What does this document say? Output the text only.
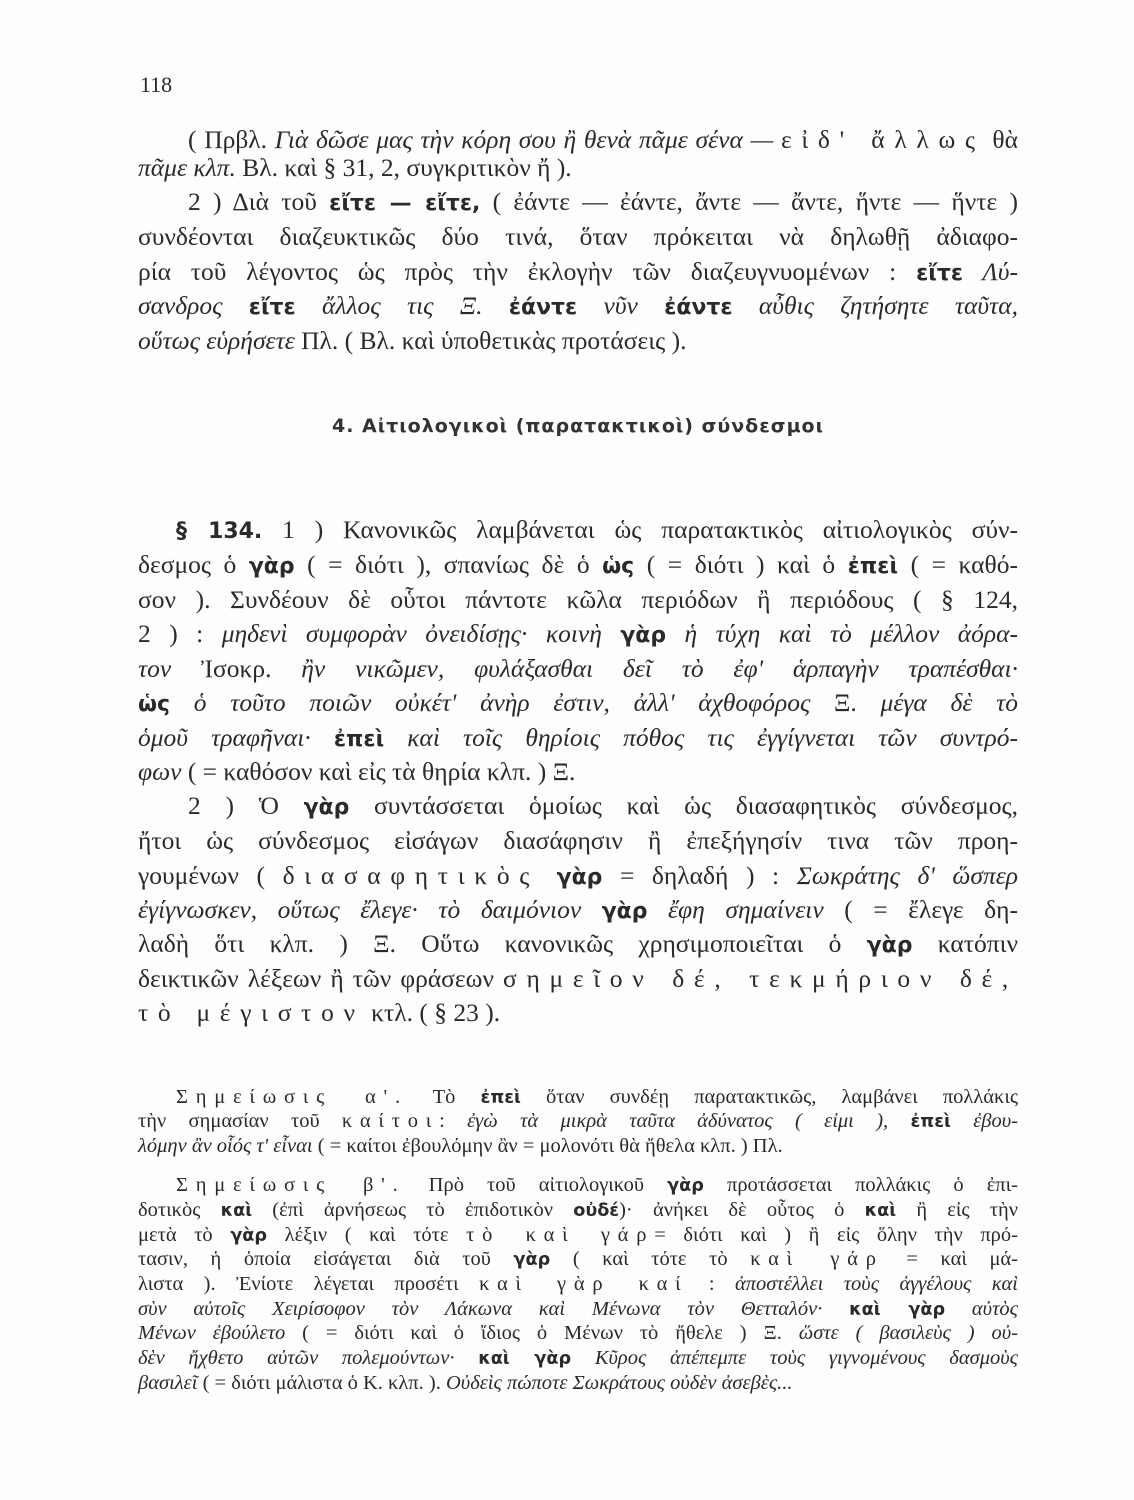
118
4. Αἰτιολογικοὶ (παρατακτικοὶ) σύνδεσμοι
( Πρβλ. Γιὰ δῶσε μας τὴν κόρη σου ἢ θενὰ πᾶμε σένα — εἰδ' ἄλλως θὰ
πᾶμε κλπ. Βλ. καὶ § 31, 2, συγκριτικὸν ἤ ).
2 ) Διὰ τοῦ εἴτε — εἴτε, ( ἐάντε — ἐάντε, ἄντε — ἄντε, ἥντε — ἥντε )
συνδέονται διαζευκτικῶς δύο τινά, ὅταν πρόκειται νὰ δηλωθῇ ἀδιαφο-
ρία τοῦ λέγοντος ὡς πρὸς τὴν ἐκλογὴν τῶν διαζευγνυομένων : εἴτε Λύ-
σανδρος εἴτε ἄλλος τις Ξ. ἐάντε νῦν ἐάντε αὖθις ζητήσητε ταῦτα,
οὕτως εὑρήσετε Πλ. ( Βλ. καὶ ὑποθετικὰς προτάσεις ).
§ 134. 1 ) Κανονικῶς λαμβάνεται ὡς παρατακτικὸς αἰτιολογικὸς σύν-
δεσμος ὁ γὰρ ( = διότι ), σπανίως δὲ ὁ ὡς ( = διότι ) καὶ ὁ ἐπεὶ ( = καθό-
σον ). Συνδέουν δὲ οὗτοι πάντοτε κῶλα περιόδων ἢ περιόδους ( § 124,
2 ) : μηδενὶ συμφορὰν ὀνειδίσῃς· κοινὴ γὰρ ἡ τύχη καὶ τὸ μέλλον ἀόρα-
τον Ἰσοκρ. ἢν νικῶμεν, φυλάξασθαι δεῖ τὸ ἐφ' ἁρπαγὴν τραπέσθαι·
ὡς ὁ τοῦτο ποιῶν οὐκέτ' ἀνὴρ ἐστιν, ἀλλ' ἀχθοφόρος Ξ. μέγα δὲ τὸ
ὁμοῦ τραφῆναι· ἐπεὶ καὶ τοῖς θηρίοις πόθος τις ἐγγίγνεται τῶν συντρό-
φων ( = καθόσον καὶ εἰς τὰ θηρία κλπ. ) Ξ.
2 ) Ὁ γὰρ συντάσσεται ὁμοίως καὶ ὡς διασαφητικὸς σύνδεσμος,
ἤτοι ὡς σύνδεσμος εἰσάγων διασάφησιν ἢ ἐπεξήγησίν τινα τῶν προη-
γουμένων ( διασαφητικὸς γὰρ = δηλαδή ) : Σωκράτης δ' ὥσπερ
ἐγίγνωσκεν, οὕτως ἔλεγε· τὸ δαιμόνιον γὰρ ἔφη σημαίνειν ( = ἔλεγε δη-
λαδὴ ὅτι κλπ. ) Ξ. Οὕτω κανονικῶς χρησιμοποιεῖται ὁ γὰρ κατόπιν
δεικτικῶν λέξεων ἢ τῶν φράσεων σημεῖον δέ, τεκμήριον δέ,
τὸ μέγιστον κτλ. ( § 23 ).
Σημείωσις α'. Τὸ ἐπεὶ ὅταν συνδέῃ παρατακτικῶς, λαμβάνει πολλάκις
τὴν σημασίαν τοῦ καίτοι: ἐγὼ τὰ μικρὰ ταῦτα ἀδύνατος ( εἰμι ), ἐπεὶ ἐβου-
λόμην ἂν οἷός τ' εἶναι ( = καίτοι ἐβουλόμην ἂν = μολονότι θὰ ἤθελα κλπ. ) Πλ.
Σημείωσις β'. Πρὸ τοῦ αἰτιολογικοῦ γὰρ προτάσσεται πολλάκις ὁ ἐπι-
δοτικὸς καὶ (ἐπὶ ἀρνήσεως τὸ ἐπιδοτικὸν οὐδέ)· ἀνήκει δὲ οὗτος ὁ καὶ ἢ εἰς τὴν
μετὰ τὸ γὰρ λέξιν ( καὶ τότε τὸ καὶ γάρ= διότι καὶ ) ἢ εἰς ὅλην τὴν πρό-
τασιν, ἡ ὁποία εἰσάγεται διὰ τοῦ γὰρ ( καὶ τότε τὸ καὶ γάρ = καὶ μά-
λιστα ). Ἐνίοτε λέγεται προσέτι καὶ γὰρ καί : ἀποστέλλει τοὺς ἀγγέλους καὶ
σὺν αὐτοῖς Χειρίσοφον τὸν Λάκωνα καὶ Μένωνα τὸν Θετταλόν· καὶ γὰρ αὐτὸς
Μένων ἐβούλετο ( = διότι καὶ ὁ ἴδιος ὁ Μένων τὸ ἤθελε ) Ξ. ὥστε ( βασιλεὺς ) οὐ-
δὲν ἤχθετο αὐτῶν πολεμούντων· καὶ γὰρ Κῦρος ἀπέπεμπε τοὺς γιγνομένους δασμοὺς
βασιλεῖ ( = διότι μάλιστα ὁ Κ. κλπ. ). Οὐδεὶς πώποτε Σωκράτους οὐδὲν ἀσεβὲς...
